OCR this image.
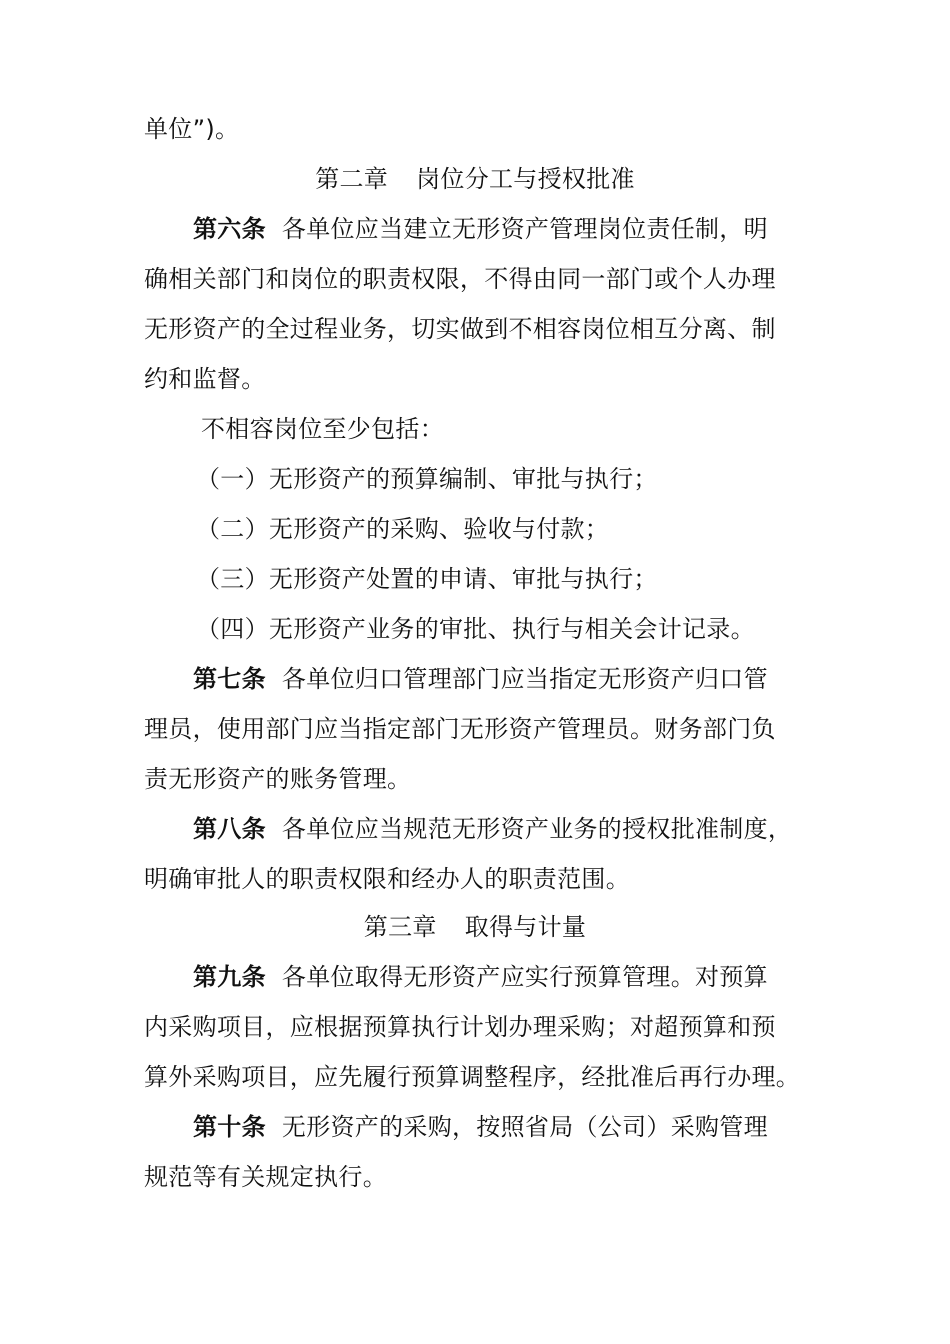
单位”)。
第二章 岗位分工与授权批准
第六条 各单位应当建立无形资产管理岗位责任制，明
确相关部门和岗位的职责权限，不得由同一部门或个人办理
无形资产的全过程业务，切实做到不相容岗位相互分离、制
约和监督。
不相容岗位至少包括：
（一）无形资产的预算编制、审批与执行；
（二）无形资产的采购、验收与付款；
（三）无形资产处置的申请、审批与执行；
（四）无形资产业务的审批、执行与相关会计记录。
第七条 各单位归口管理部门应当指定无形资产归口管
理员，使用部门应当指定部门无形资产管理员。财务部门负
责无形资产的账务管理。
第八条 各单位应当规范无形资产业务的授权批准制度，
明确审批人的职责权限和经办人的职责范围。
第三章 取得与计量
第九条 各单位取得无形资产应实行预算管理。对预算
内采购项目，应根据预算执行计划办理采购；对超预算和预
算外采购项目，应先履行预算调整程序，经批准后再行办理。
第十条 无形资产的采购，按照省局（公司）采购管理
规范等有关规定执行。
